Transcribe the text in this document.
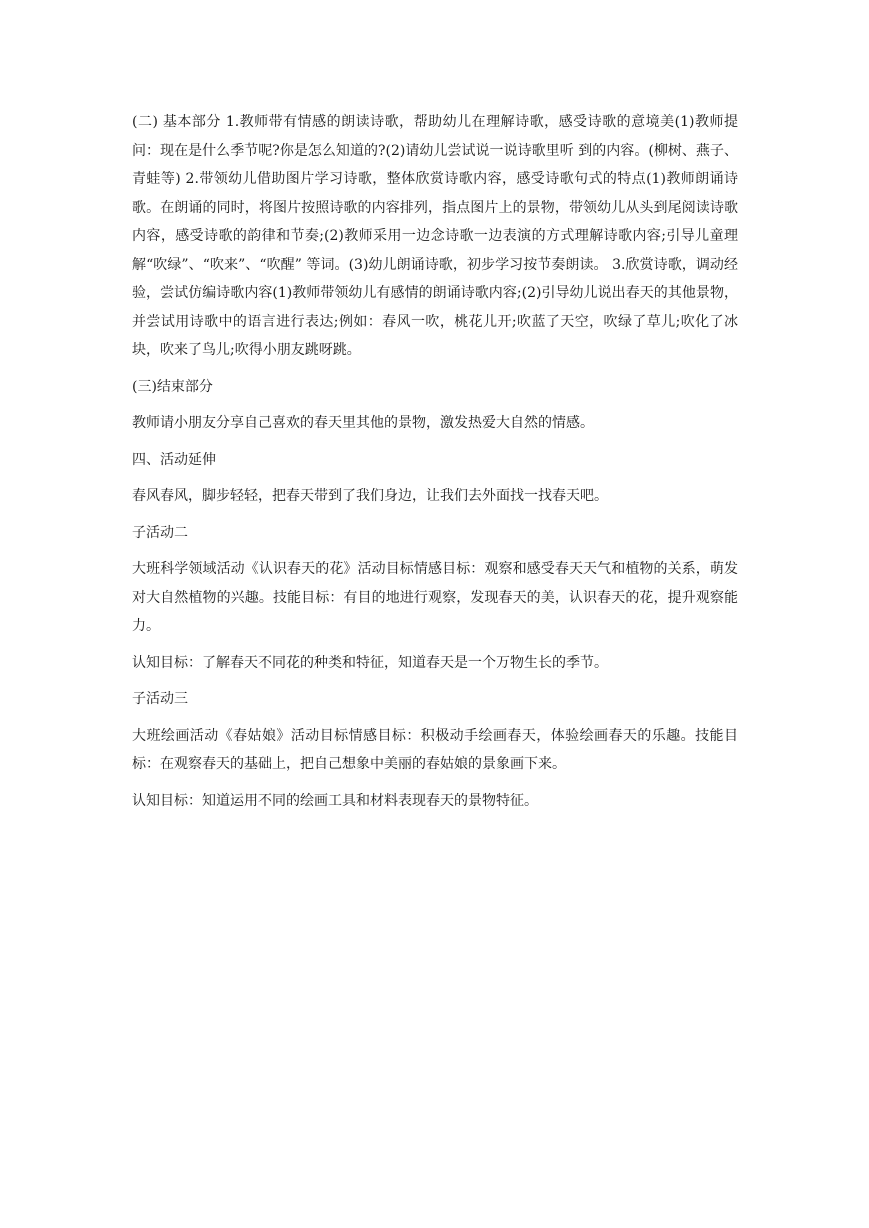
(二) 基本部分 1.教师带有情感的朗读诗歌，帮助幼儿在理解诗歌，感受诗歌的意境美(1)教师提问：现在是什么季节呢?你是怎么知道的?(2)请幼儿尝试说一说诗歌里听 到的内容。(柳树、燕子、青蛙等) 2.带领幼儿借助图片学习诗歌，整体欣赏诗歌内容，感受诗歌句式的特点(1)教师朗诵诗歌。在朗诵的同时，将图片按照诗歌的内容排列，指点图片上的景物，带领幼儿从头到尾阅读诗歌内容，感受诗歌的韵律和节奏;(2)教师采用一边念诗歌一边表演的方式理解诗歌内容;引导儿童理解“吹绿”、“吹来”、“吹醒” 等词。(3)幼儿朗诵诗歌，初步学习按节奏朗读。 3.欣赏诗歌，调动经验，尝试仿编诗歌内容(1)教师带领幼儿有感情的朗诵诗歌内容;(2)引导幼儿说出春天的其他景物，并尝试用诗歌中的语言进行表达;例如：春风一吹，桃花儿开;吹蓝了天空，吹绿了草儿;吹化了冰块，吹来了鸟儿;吹得小朋友跳呀跳。

(三)结束部分

教师请小朋友分享自己喜欢的春天里其他的景物，激发热爱大自然的情感。

四、活动延伸

春风春风，脚步轻轻，把春天带到了我们身边，让我们去外面找一找春天吧。

子活动二

大班科学领域活动《认识春天的花》活动目标情感目标：观察和感受春天天气和植物的关系，萌发对大自然植物的兴趣。技能目标：有目的地进行观察，发现春天的美，认识春天的花，提升观察能力。

认知目标：了解春天不同花的种类和特征，知道春天是一个万物生长的季节。

子活动三

大班绘画活动《春姑娘》活动目标情感目标：积极动手绘画春天，体验绘画春天的乐趣。技能目标：在观察春天的基础上，把自己想象中美丽的春姑娘的景象画下来。

认知目标：知道运用不同的绘画工具和材料表现春天的景物特征。
